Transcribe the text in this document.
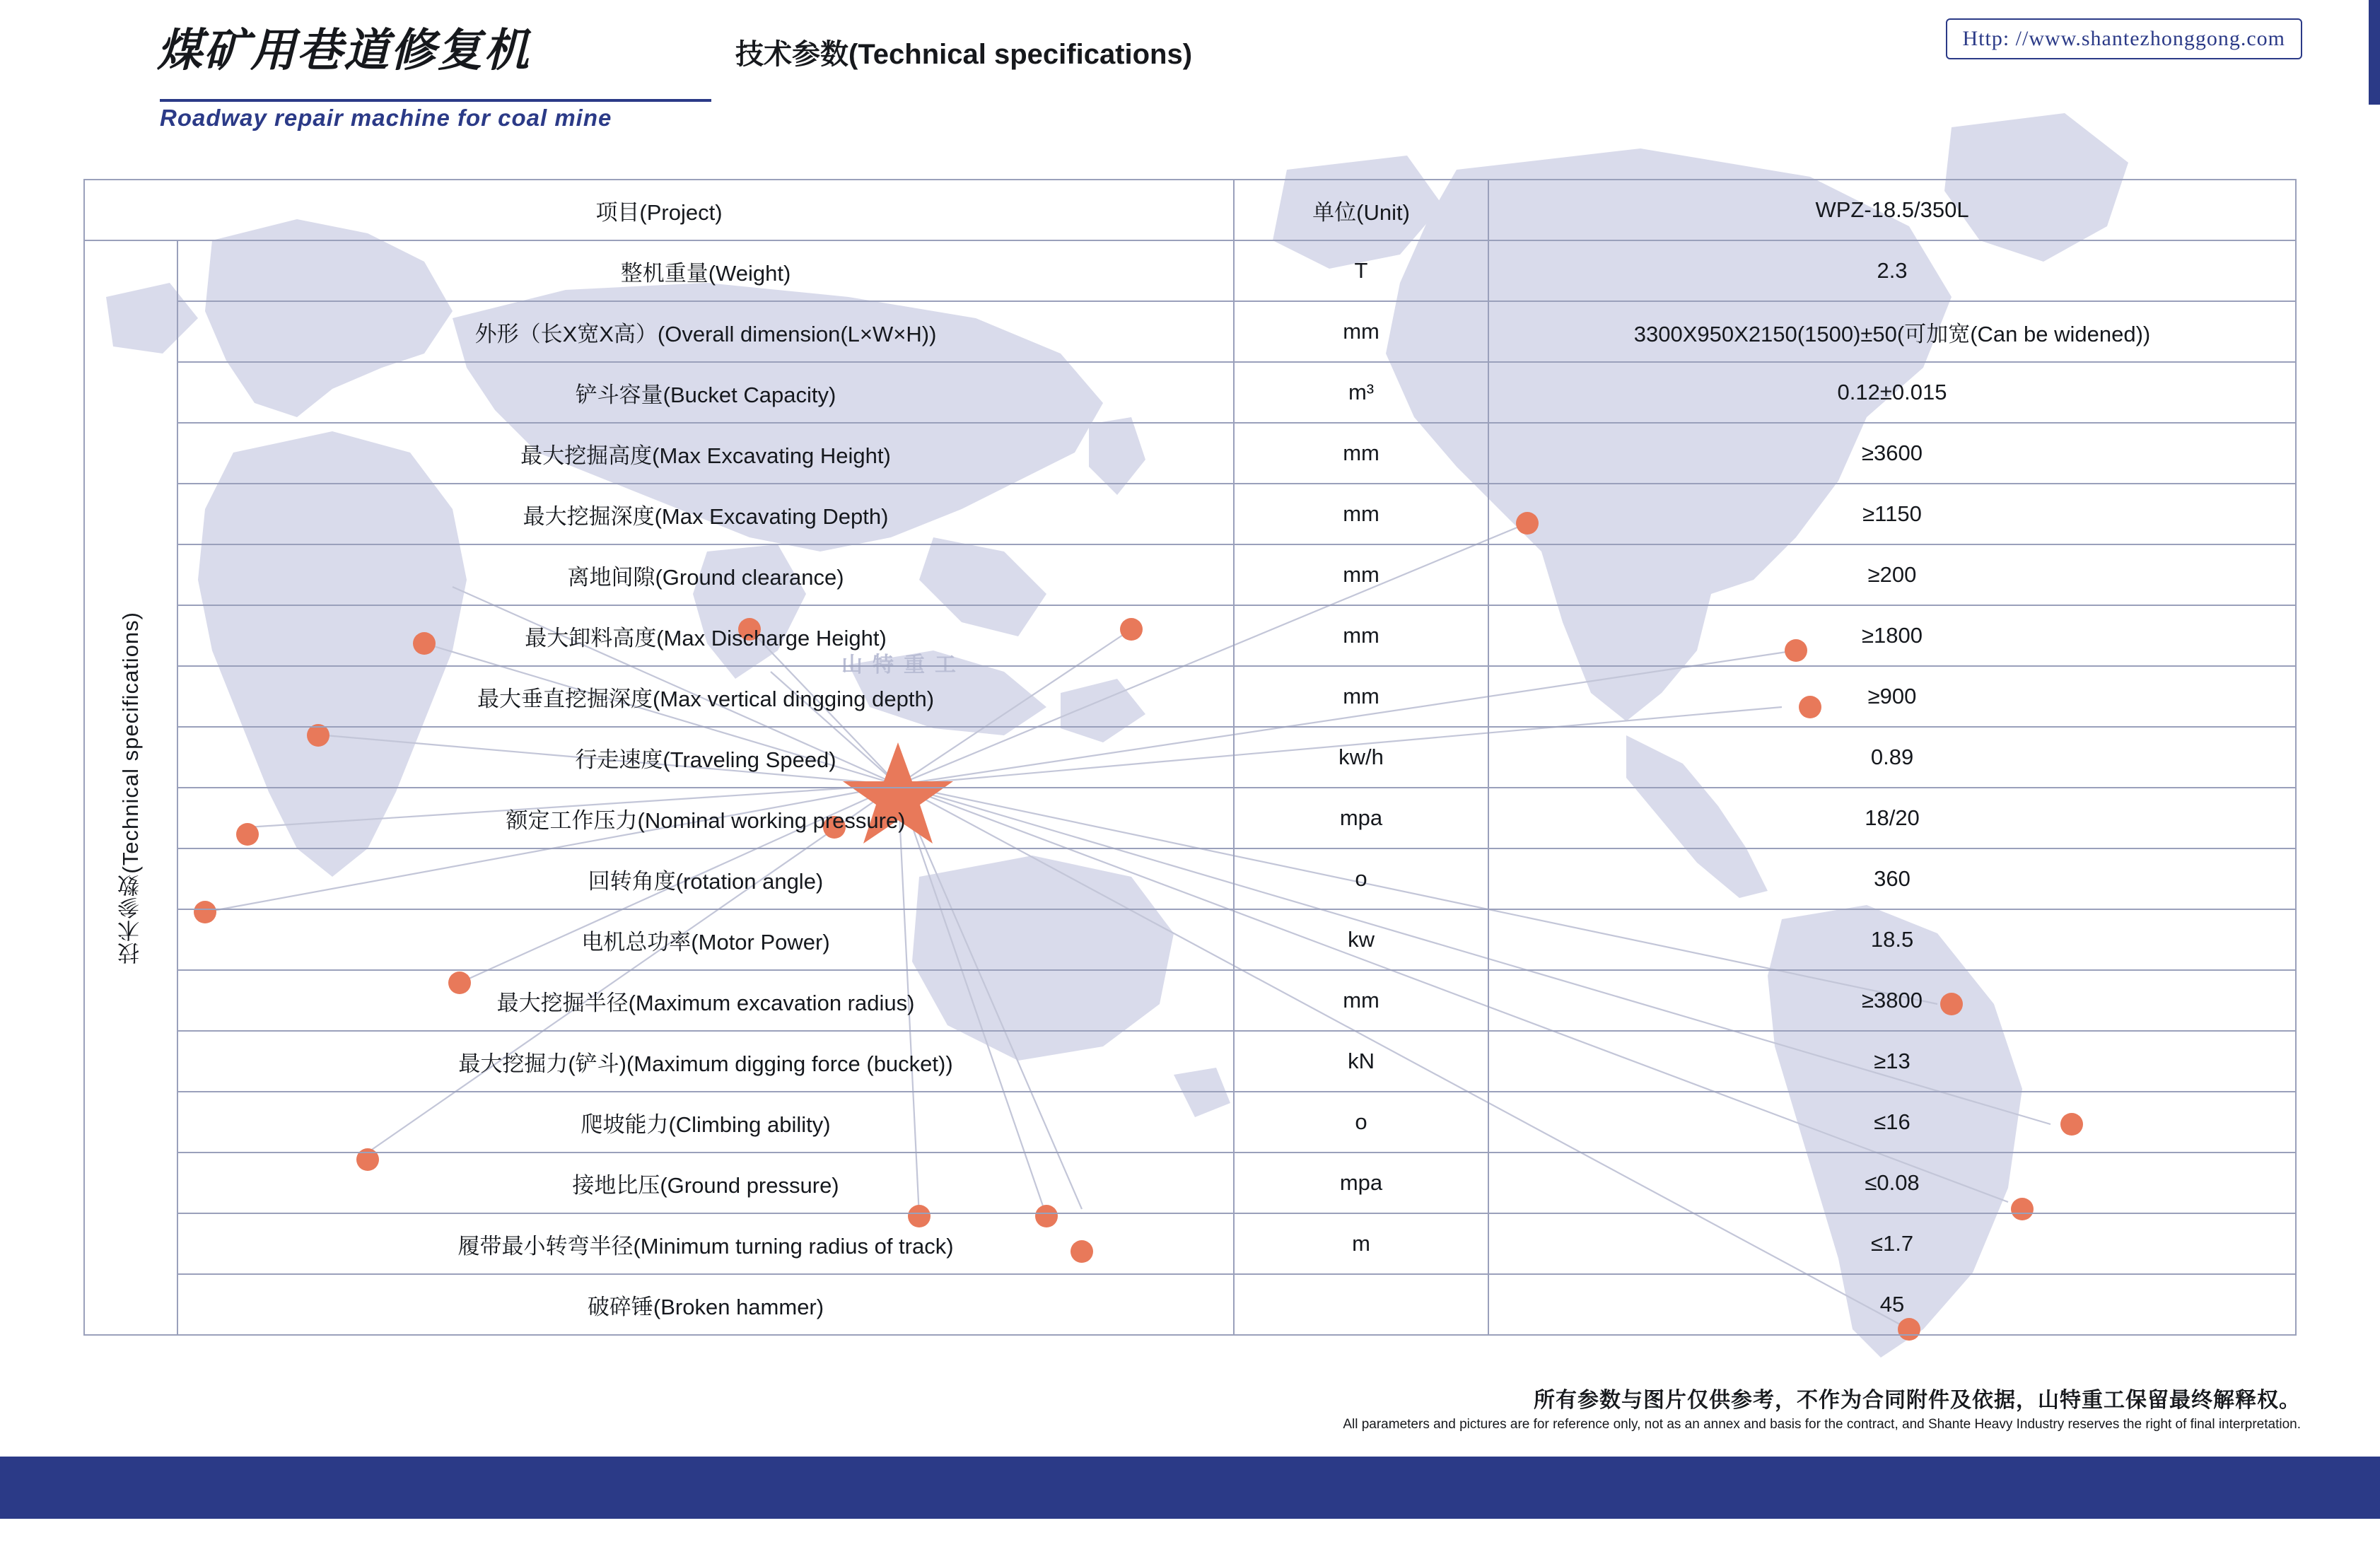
煤矿用巷道修复机
Roadway repair machine for coal mine
技术参数(Technical specifications)
Http: //www.shantezhonggong.com
山特重工
项目(Project)		单位(Unit)	WPZ-18.5/350L

技术参数(Technical specifications)	整机重量(Weight)	T	2.3
	外形（长X宽X高）(Overall dimension(L×W×H))	mm	3300X950X2150(1500)±50(可加宽(Can be widened))
	铲斗容量(Bucket Capacity)	m³	0.12±0.015
	最大挖掘高度(Max Excavating Height)	mm	≥3600
	最大挖掘深度(Max Excavating Depth)	mm	≥1150
	离地间隙(Ground clearance)	mm	≥200
	最大卸料高度(Max Discharge Height)	mm	≥1800
	最大垂直挖掘深度(Max vertical dingging depth)	mm	≥900
	行走速度(Traveling Speed)	kw/h	0.89
	额定工作压力(Nominal working pressure)	mpa	18/20
	回转角度(rotation angle)	o	360
	电机总功率(Motor Power)	kw	18.5
	最大挖掘半径(Maximum excavation radius)	mm	≥3800
	最大挖掘力(铲斗)(Maximum digging force (bucket))	kN	≥13
	爬坡能力(Climbing ability)	o	≤16
	接地比压(Ground pressure)	mpa	≤0.08
	履带最小转弯半径(Minimum turning radius of track)	m	≤1.7
	破碎锤(Broken hammer)		45
所有参数与图片仅供参考，不作为合同附件及依据，山特重工保留最终解释权。
All parameters and pictures are for reference only, not as an annex and basis for the contract, and Shante Heavy Industry reserves the right of final interpretation.
